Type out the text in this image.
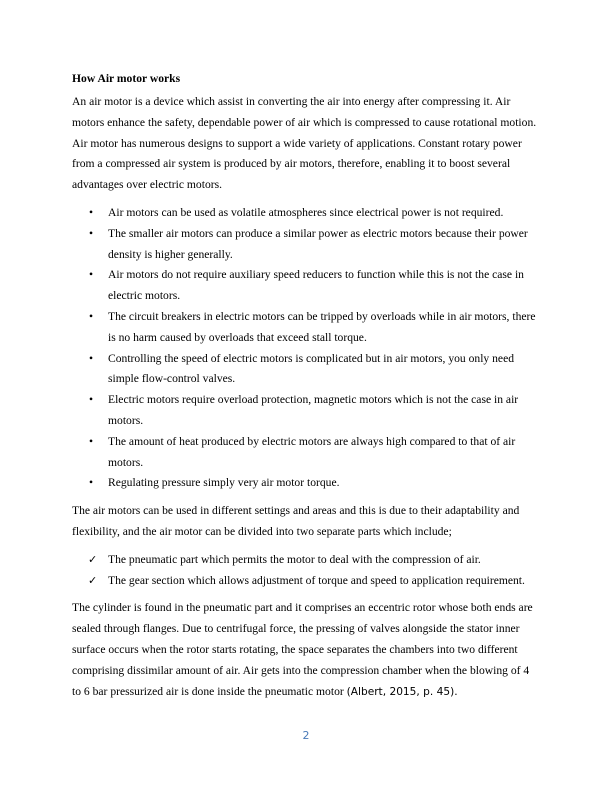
How Air motor works

An air motor is a device which assist in converting the air into energy after compressing it. Air motors enhance the safety, dependable power of air which is compressed to cause rotational motion. Air motor has numerous designs to support a wide variety of applications. Constant rotary power from a compressed air system is produced by air motors, therefore, enabling it to boost several advantages over electric motors.

•	Air motors can be used as volatile atmospheres since electrical power is not required.
•	The smaller air motors can produce a similar power as electric motors because their power density is higher generally.
•	Air motors do not require auxiliary speed reducers to function while this is not the case in electric motors.
•	The circuit breakers in electric motors can be tripped by overloads while in air motors, there is no harm caused by overloads that exceed stall torque.
•	Controlling the speed of electric motors is complicated but in air motors, you only need simple flow-control valves.
•	Electric motors require overload protection, magnetic motors which is not the case in air motors.
•	The amount of heat produced by electric motors are always high compared to that of air motors.
•	Regulating pressure simply very air motor torque.

The air motors can be used in different settings and areas and this is due to their adaptability and flexibility, and the air motor can be divided into two separate parts which include;

✓ The pneumatic part which permits the motor to deal with the compression of air.
✓ The gear section which allows adjustment of torque and speed to application requirement.

The cylinder is found in the pneumatic part and it comprises an eccentric rotor whose both ends are sealed through flanges. Due to centrifugal force, the pressing of valves alongside the stator inner surface occurs when the rotor starts rotating, the space separates the chambers into two different comprising dissimilar amount of air. Air gets into the compression chamber when the blowing of 4 to 6 bar pressurized air is done inside the pneumatic motor (Albert, 2015, p. 45).

2
